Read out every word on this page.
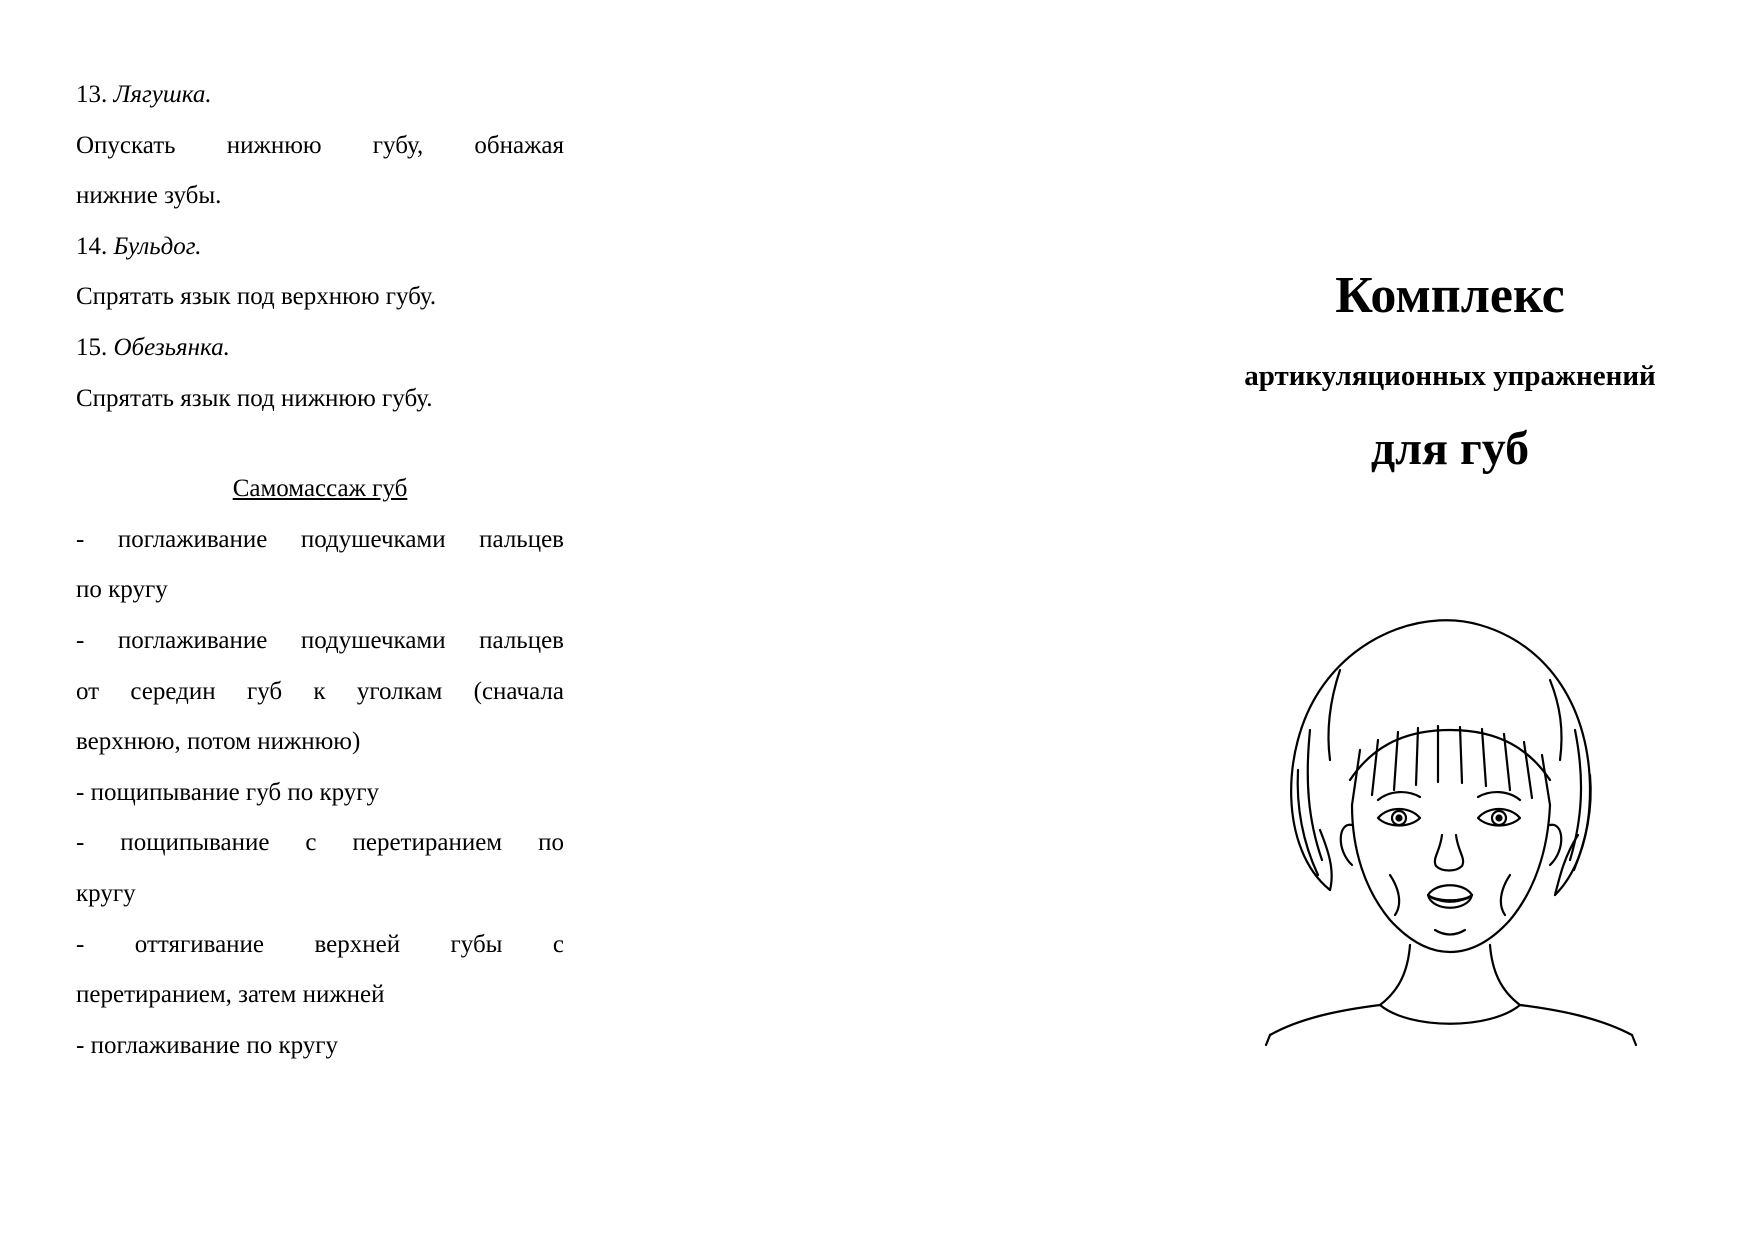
13. Лягушка.
Опускать нижнюю губу, обнажая
нижние зубы.
14. Бульдог.
Спрятать язык под верхнюю губу.
15. Обезьянка.
Спрятать язык под нижнюю губу.
Самомассаж губ
- поглаживание подушечками пальцев
по кругу
- поглаживание подушечками пальцев
от середин губ к уголкам (сначала
верхнюю, потом нижнюю)
- пощипывание губ по кругу
- пощипывание с перетиранием по
кругу
- оттягивание верхней губы с
перетиранием, затем нижней
- поглаживание по кругу
Комплекс
артикуляционных упражнений
для губ
